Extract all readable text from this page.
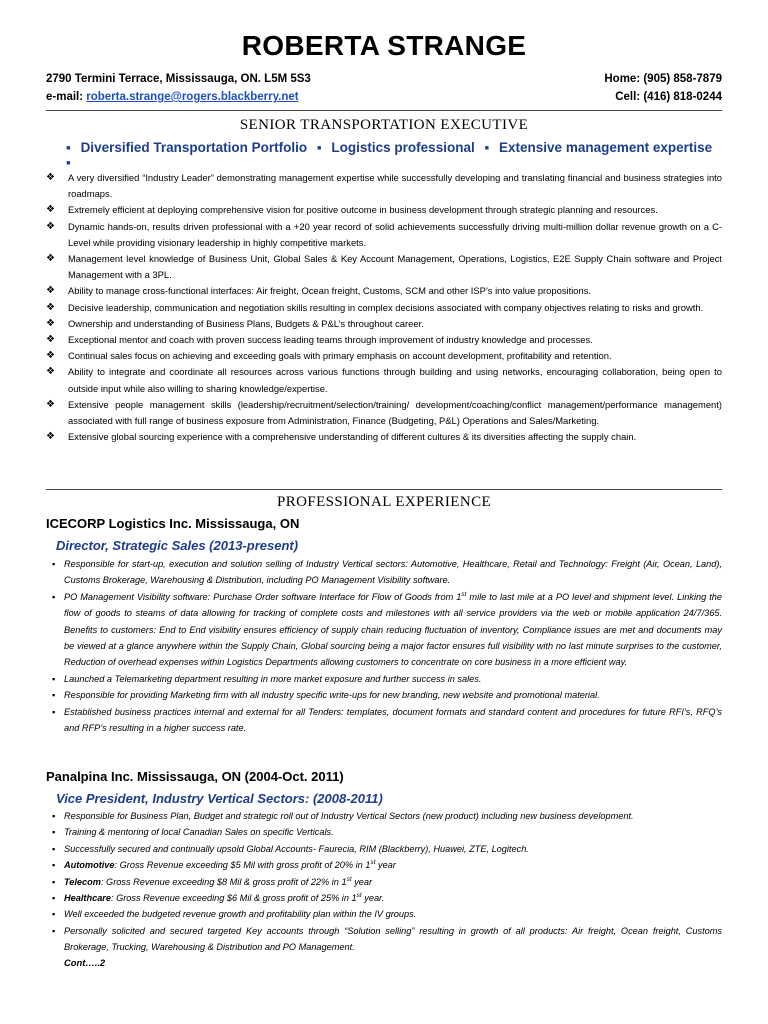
ROBERTA STRANGE
2790 Termini Terrace, Mississauga, ON. L5M 5S3	Home: (905) 858-7879
e-mail: roberta.strange@rogers.blackberry.net	Cell: (416) 818-0244
SENIOR TRANSPORTATION EXECUTIVE
▪ Diversified Transportation Portfolio ▪ Logistics professional ▪ Extensive management expertise ▪
❖ A very diversified “Industry Leader” demonstrating management expertise while successfully developing and translating financial and business strategies into roadmaps.
❖ Extremely efficient at deploying comprehensive vision for positive outcome in business development through strategic planning and resources.
❖ Dynamic hands-on, results driven professional with a +20 year record of solid achievements successfully driving multi-million dollar revenue growth on a C-Level while providing visionary leadership in highly competitive markets.
❖ Management level knowledge of Business Unit, Global Sales & Key Account Management, Operations, Logistics, E2E Supply Chain software and Project Management with a 3PL.
❖ Ability to manage cross-functional interfaces: Air freight, Ocean freight, Customs, SCM and other ISP’s into value propositions.
❖ Decisive leadership, communication and negotiation skills resulting in complex decisions associated with company objectives relating to risks and growth.
❖ Ownership and understanding of Business Plans, Budgets & P&L’s throughout career.
❖ Exceptional mentor and coach with proven success leading teams through improvement of industry knowledge and processes.
❖ Continual sales focus on achieving and exceeding goals with primary emphasis on account development, profitability and retention.
❖ Ability to integrate and coordinate all resources across various functions through building and using networks, encouraging collaboration, being open to outside input while also willing to sharing knowledge/expertise.
❖ Extensive people management skills (leadership/recruitment/selection/training/ development/coaching/conflict management/performance management) associated with full range of business exposure from Administration, Finance (Budgeting, P&L) Operations and Sales/Marketing.
❖ Extensive global sourcing experience with a comprehensive understanding of different cultures & its diversities affecting the supply chain.
PROFESSIONAL EXPERIENCE
ICECORP Logistics Inc. Mississauga, ON
Director, Strategic Sales (2013-present)
▪ Responsible for start-up, execution and solution selling of Industry Vertical sectors: Automotive, Healthcare, Retail and Technology: Freight (Air, Ocean, Land), Customs Brokerage, Warehousing & Distribution, including PO Management Visibility software.
▪ PO Management Visibility software: Purchase Order software Interface for Flow of Goods from 1st mile to last mile at a PO level and shipment level. Linking the flow of goods to steams of data allowing for tracking of complete costs and milestones with all service providers via the web or mobile application 24/7/365. Benefits to customers: End to End visibility ensures efficiency of supply chain reducing fluctuation of inventory, Compliance issues are met and documents may be viewed at a glance anywhere within the Supply Chain, Global sourcing being a major factor ensures full visibility with no last minute surprises to the customer, Reduction of overhead expenses within Logistics Departments allowing customers to concentrate on core business in a more efficient way.
▪ Launched a Telemarketing department resulting in more market exposure and further success in sales.
▪ Responsible for providing Marketing firm with all industry specific write-ups for new branding, new website and promotional material.
▪ Established business practices internal and external for all Tenders: templates, document formats and standard content and procedures for future RFI’s, RFQ’s and RFP’s resulting in a higher success rate.
Panalpina Inc. Mississauga, ON (2004-Oct. 2011)
Vice President, Industry Vertical Sectors: (2008-2011)
▪ Responsible for Business Plan, Budget and strategic roll out of Industry Vertical Sectors (new product) including new business development.
▪ Training & mentoring of local Canadian Sales on specific Verticals.
▪ Successfully secured and continually upsold Global Accounts- Faurecia, RIM (Blackberry), Huawei, ZTE, Logitech.
▪ Automotive: Gross Revenue exceeding $5 Mil with gross profit of 20% in 1st year
▪ Telecom: Gross Revenue exceeding $8 Mil & gross profit of 22% in 1st year
▪ Healthcare: Gross Revenue exceeding $6 Mil & gross profit of 25% in 1st year.
▪ Well exceeded the budgeted revenue growth and profitability plan within the IV groups.
▪ Personally solicited and secured targeted Key accounts through “Solution selling” resulting in growth of all products: Air freight, Ocean freight, Customs Brokerage, Trucking, Warehousing & Distribution and PO Management.
Cont…..2
